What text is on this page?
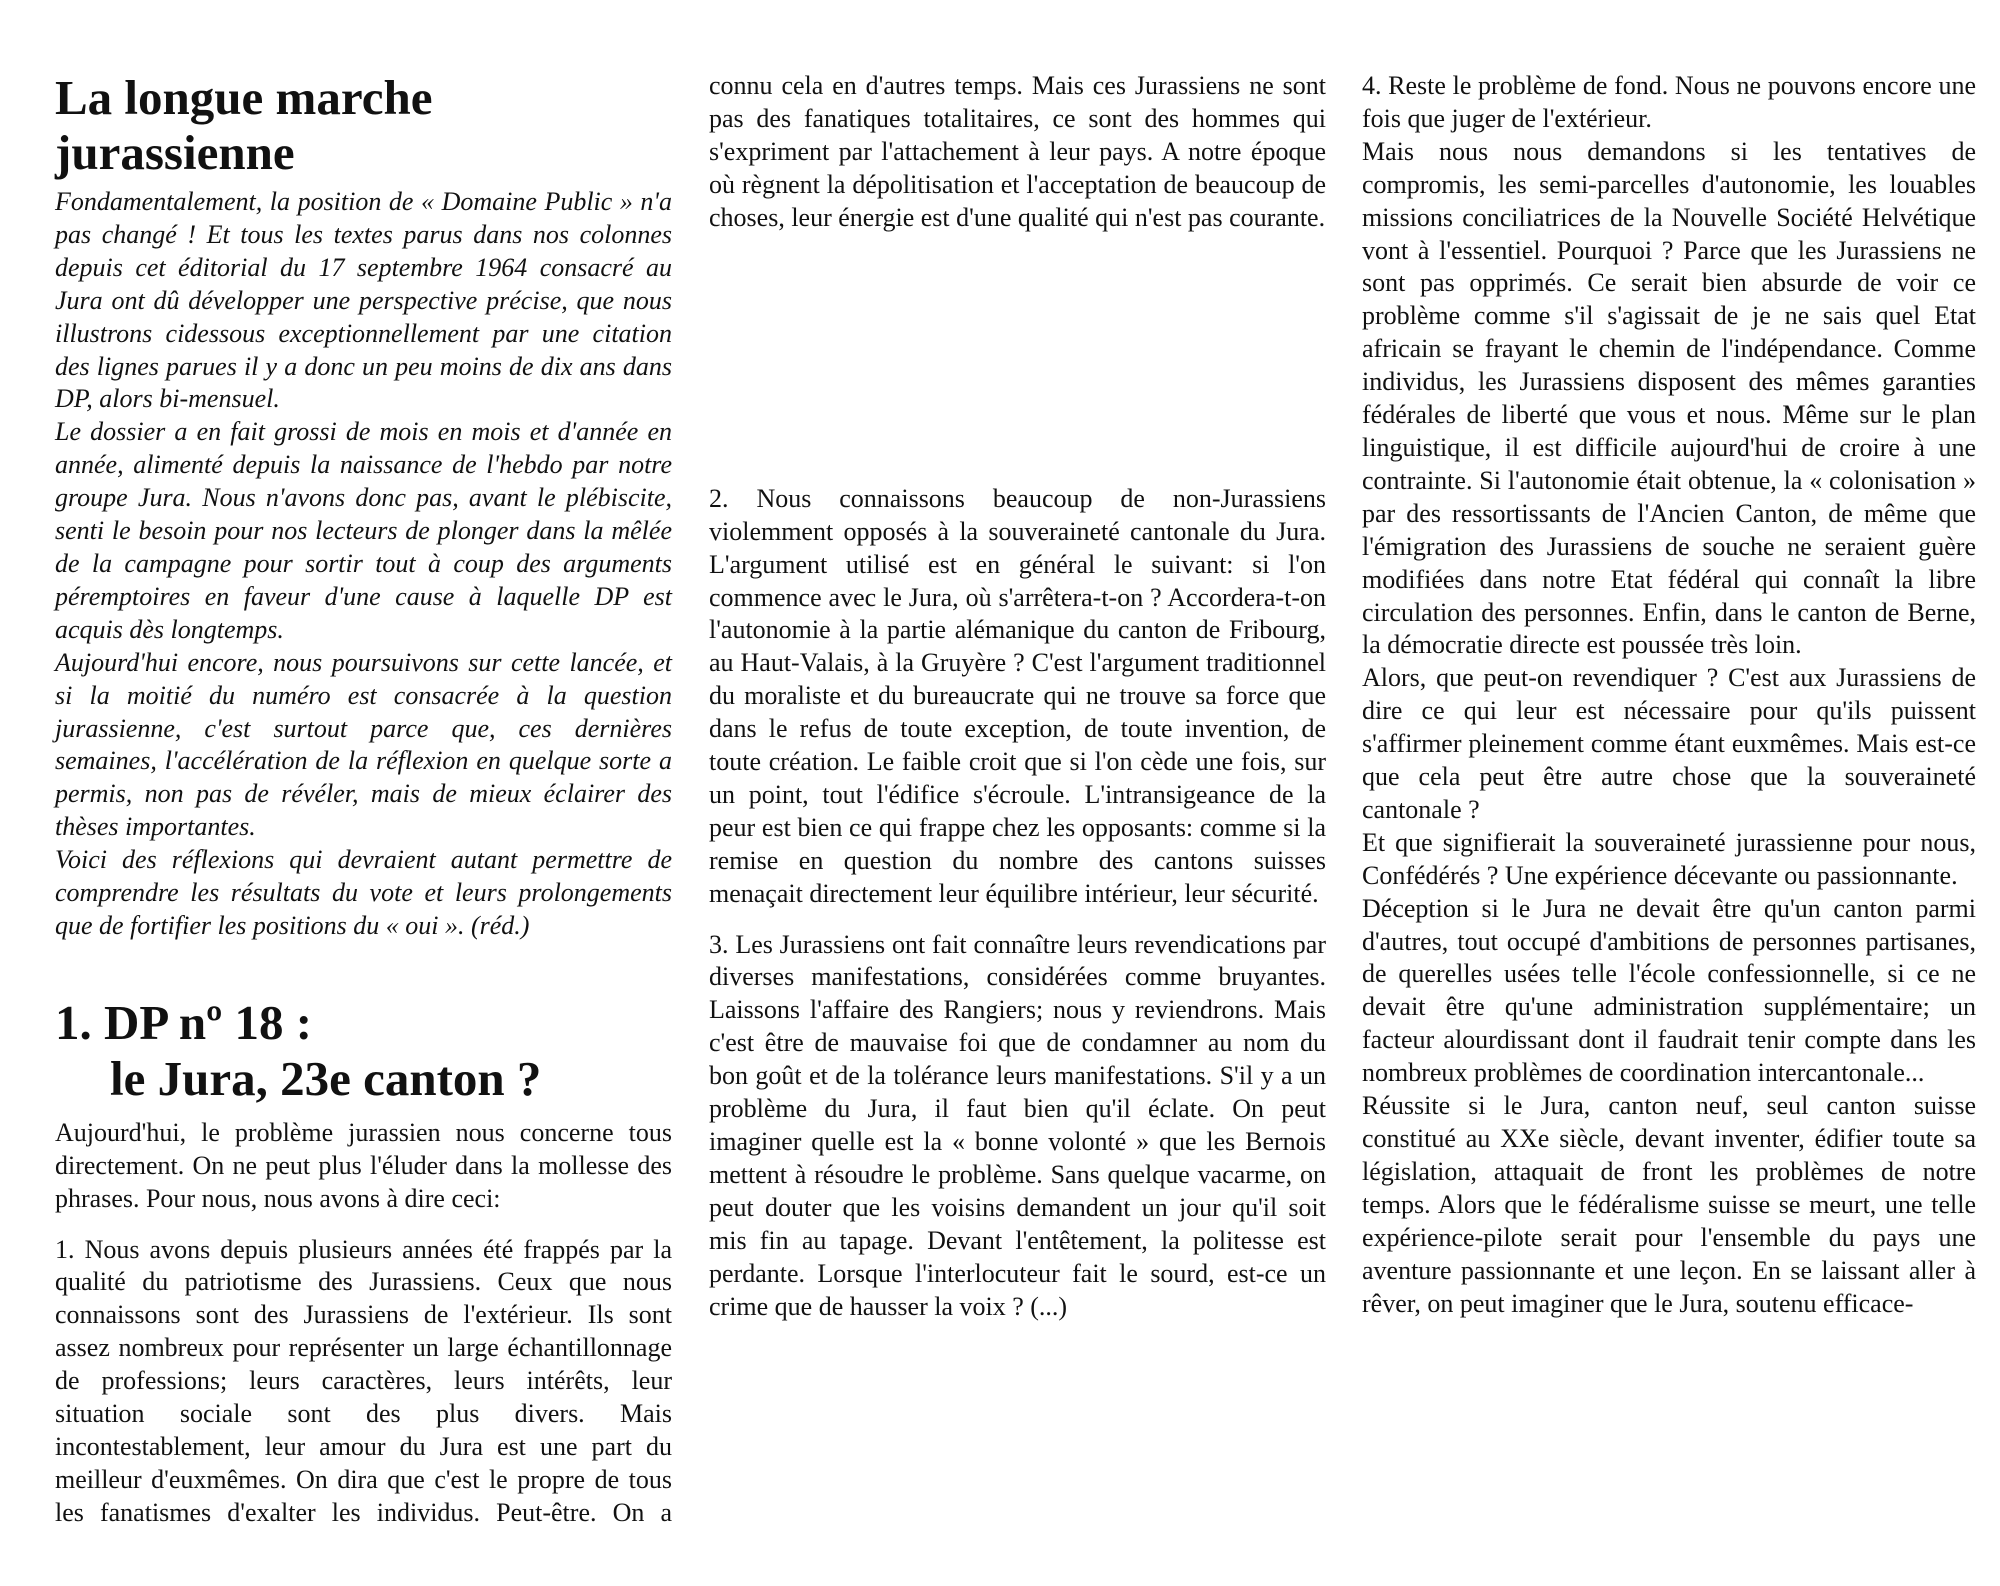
La longue marche
jurassienne

Fondamentalement, la position de « Domaine Public » n'a pas changé ! Et tous les textes parus dans nos colonnes depuis cet éditorial du 17 septembre 1964 consacré au Jura ont dû développer une perspective précise, que nous illustrons cidessous exceptionnellement par une citation des lignes parues il y a donc un peu moins de dix ans dans DP, alors bi-mensuel.

Le dossier a en fait grossi de mois en mois et d'année en année, alimenté depuis la naissance de l'hebdo par notre groupe Jura. Nous n'avons donc pas, avant le plébiscite, senti le besoin pour nos lecteurs de plonger dans la mêlée de la campagne pour sortir tout à coup des arguments péremptoires en faveur d'une cause à laquelle DP est acquis dès longtemps.

Aujourd'hui encore, nous poursuivons sur cette lancée, et si la moitié du numéro est consacrée à la question jurassienne, c'est surtout parce que, ces dernières semaines, l'accélération de la réflexion en quelque sorte a permis, non pas de révéler, mais de mieux éclairer des thèses importantes.

Voici des réflexions qui devraient autant permettre de comprendre les résultats du vote et leurs prolongements que de fortifier les positions du « oui ». (réd.)

1. DP nº 18 :
le Jura, 23e canton ?

Aujourd'hui, le problème jurassien nous concerne tous directement. On ne peut plus l'éluder dans la mollesse des phrases. Pour nous, nous avons à dire ceci:

1. Nous avons depuis plusieurs années été frappés par la qualité du patriotisme des Jurassiens. Ceux que nous connaissons sont des Jurassiens de l'extérieur. Ils sont assez nombreux pour représenter un large échantillonnage de professions; leurs caractères, leurs intérêts, leur situation sociale sont des plus divers. Mais incontestablement, leur amour du Jura est une part du meilleur d'euxmêmes. On dira que c'est le propre de tous les fanatismes d'exalter les individus. Peut-être. On a

connu cela en d'autres temps. Mais ces Jurassiens ne sont pas des fanatiques totalitaires, ce sont des hommes qui s'expriment par l'attachement à leur pays. A notre époque où règnent la dépolitisation et l'acceptation de beaucoup de choses, leur énergie est d'une qualité qui n'est pas courante.

2. Nous connaissons beaucoup de non-Jurassiens violemment opposés à la souveraineté cantonale du Jura. L'argument utilisé est en général le suivant: si l'on commence avec le Jura, où s'arrêtera-t-on ? Accordera-t-on l'autonomie à la partie alémanique du canton de Fribourg, au Haut-Valais, à la Gruyère ? C'est l'argument traditionnel du moraliste et du bureaucrate qui ne trouve sa force que dans le refus de toute exception, de toute invention, de toute création. Le faible croit que si l'on cède une fois, sur un point, tout l'édifice s'écroule. L'intransigeance de la peur est bien ce qui frappe chez les opposants: comme si la remise en question du nombre des cantons suisses menaçait directement leur équilibre intérieur, leur sécurité.

3. Les Jurassiens ont fait connaître leurs revendications par diverses manifestations, considérées comme bruyantes. Laissons l'affaire des Rangiers; nous y reviendrons. Mais c'est être de mauvaise foi que de condamner au nom du bon goût et de la tolérance leurs manifestations. S'il y a un problème du Jura, il faut bien qu'il éclate. On peut imaginer quelle est la « bonne volonté » que les Bernois mettent à résoudre le problème. Sans quelque vacarme, on peut douter que les voisins demandent un jour qu'il soit mis fin au tapage. Devant l'entêtement, la politesse est perdante. Lorsque l'interlocuteur fait le sourd, est-ce un crime que de hausser la voix ? (...)

4. Reste le problème de fond. Nous ne pouvons encore une fois que juger de l'extérieur.

Mais nous nous demandons si les tentatives de compromis, les semi-parcelles d'autonomie, les louables missions conciliatrices de la Nouvelle Société Helvétique vont à l'essentiel. Pourquoi ? Parce que les Jurassiens ne sont pas opprimés. Ce serait bien absurde de voir ce problème comme s'il s'agissait de je ne sais quel Etat africain se frayant le chemin de l'indépendance. Comme individus, les Jurassiens disposent des mêmes garanties fédérales de liberté que vous et nous. Même sur le plan linguistique, il est difficile aujourd'hui de croire à une contrainte. Si l'autonomie était obtenue, la « colonisation » par des ressortissants de l'Ancien Canton, de même que l'émigration des Jurassiens de souche ne seraient guère modifiées dans notre Etat fédéral qui connaît la libre circulation des personnes. Enfin, dans le canton de Berne, la démocratie directe est poussée très loin.

Alors, que peut-on revendiquer ? C'est aux Jurassiens de dire ce qui leur est nécessaire pour qu'ils puissent s'affirmer pleinement comme étant euxmêmes. Mais est-ce que cela peut être autre chose que la souveraineté cantonale ?

Et que signifierait la souveraineté jurassienne pour nous, Confédérés ? Une expérience décevante ou passionnante.

Déception si le Jura ne devait être qu'un canton parmi d'autres, tout occupé d'ambitions de personnes partisanes, de querelles usées telle l'école confessionnelle, si ce ne devait être qu'une administration supplémentaire; un facteur alourdissant dont il faudrait tenir compte dans les nombreux problèmes de coordination intercantonale...

Réussite si le Jura, canton neuf, seul canton suisse constitué au XXe siècle, devant inventer, édifier toute sa législation, attaquait de front les problèmes de notre temps. Alors que le fédéralisme suisse se meurt, une telle expérience-pilote serait pour l'ensemble du pays une aventure passionnante et une leçon. En se laissant aller à rêver, on peut imaginer que le Jura, soutenu efficace-
